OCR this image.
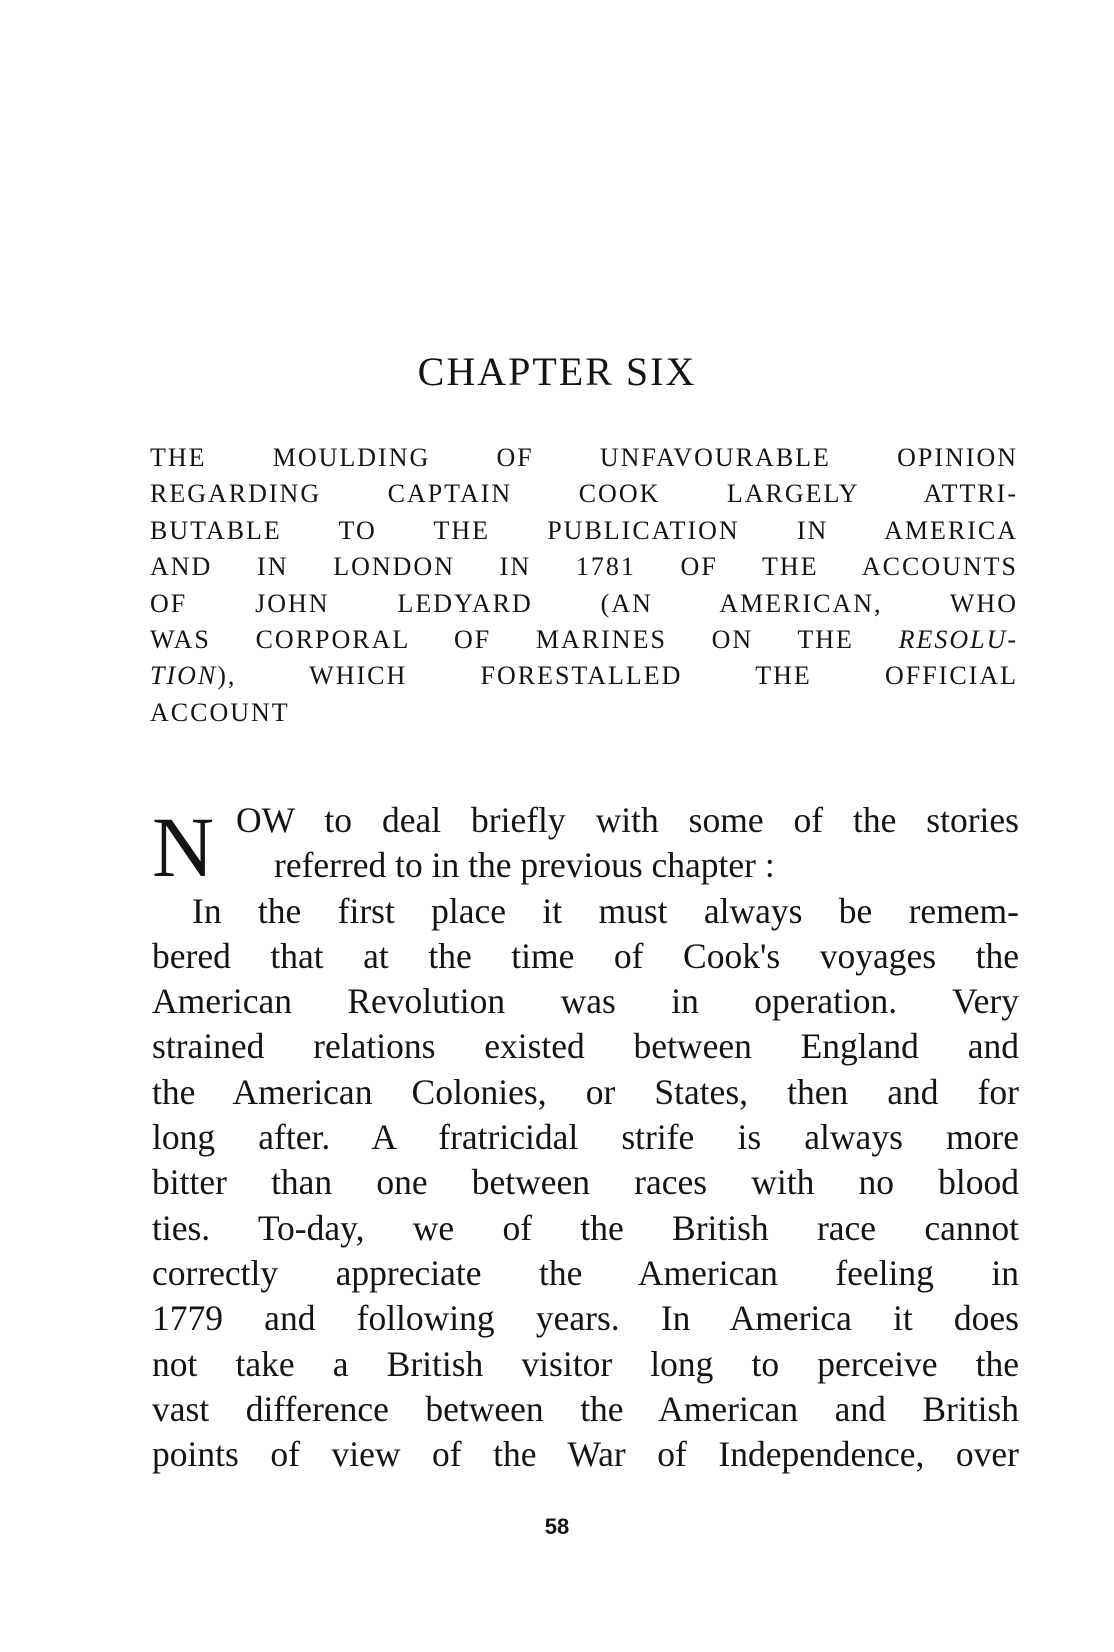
CHAPTER SIX
THE MOULDING OF UNFAVOURABLE OPINION
REGARDING CAPTAIN COOK LARGELY ATTRI-
BUTABLE TO THE PUBLICATION IN AMERICA
AND IN LONDON IN 1781 OF THE ACCOUNTS
OF JOHN LEDYARD (AN AMERICAN, WHO
WAS CORPORAL OF MARINES ON THE RESOLU-
TION), WHICH FORESTALLED THE OFFICIAL
ACCOUNT
N OW to deal briefly with some of the stories
referred to in the previous chapter :
In the first place it must always be remem-
bered that at the time of Cook's voyages the
American Revolution was in operation. Very
strained relations existed between England and
the American Colonies, or States, then and for
long after. A fratricidal strife is always more
bitter than one between races with no blood
ties. To-day, we of the British race cannot
correctly appreciate the American feeling in
1779 and following years. In America it does
not take a British visitor long to perceive the
vast difference between the American and British
points of view of the War of Independence, over
58
